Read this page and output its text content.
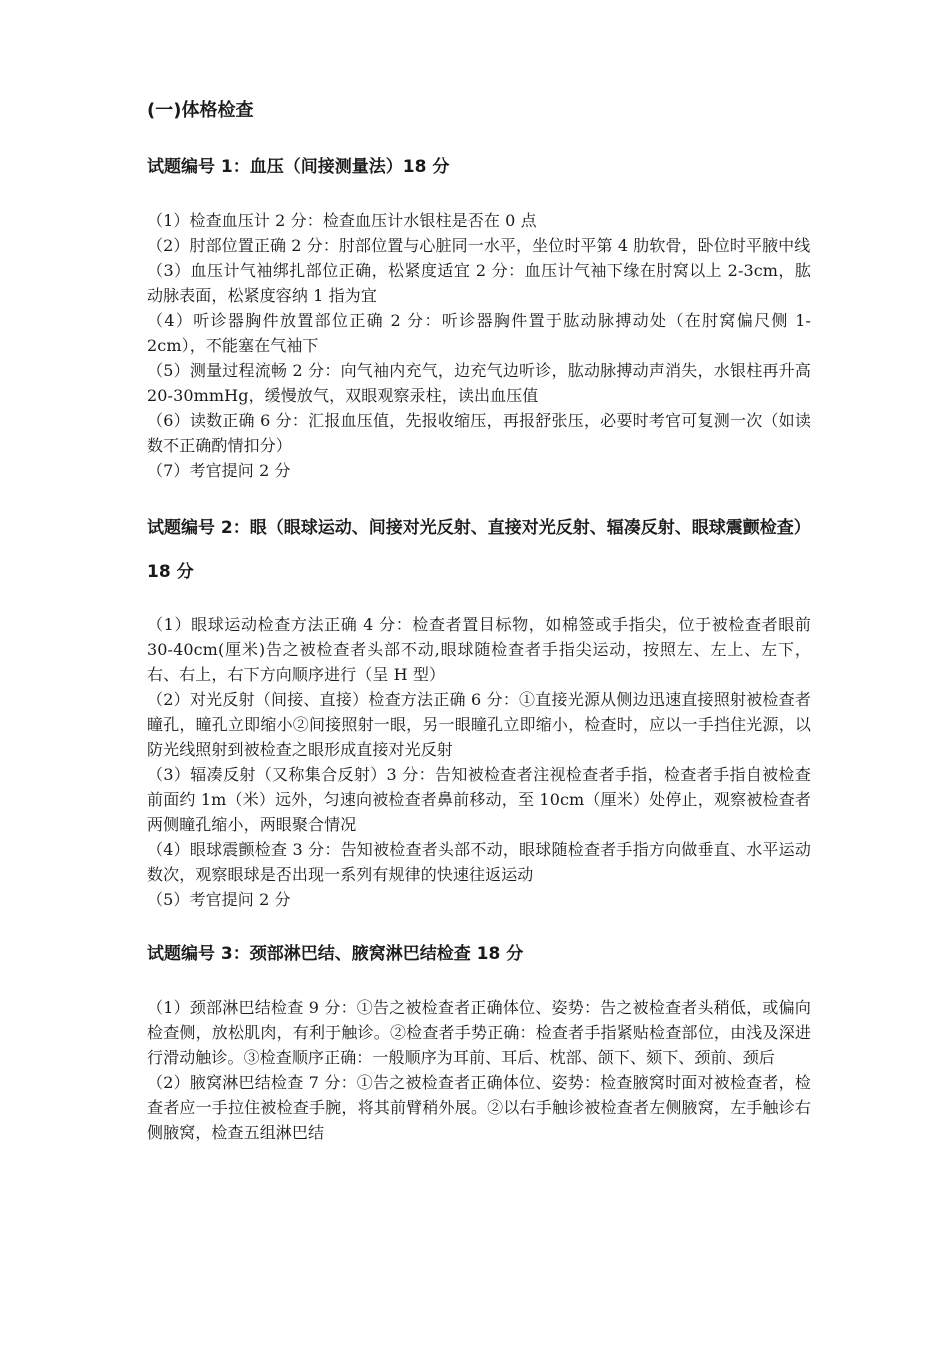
(一)体格检查
试题编号 1：血压（间接测量法）18 分
（1）检查血压计 2 分：检查血压计水银柱是否在 0 点
（2）肘部位置正确 2 分：肘部位置与心脏同一水平，坐位时平第 4 肋软骨，卧位时平腋中线
（3）血压计气袖绑扎部位正确，松紧度适宜 2 分：血压计气袖下缘在肘窝以上 2-3cm，肱动脉表面，松紧度容纳 1 指为宜
（4）听诊器胸件放置部位正确 2 分：听诊器胸件置于肱动脉搏动处（在肘窝偏尺侧 1-2cm），不能塞在气袖下
（5）测量过程流畅 2 分：向气袖内充气，边充气边听诊，肱动脉搏动声消失，水银柱再升高 20-30mmHg，缓慢放气，双眼观察汞柱，读出血压值
（6）读数正确 6 分：汇报血压值，先报收缩压，再报舒张压，必要时考官可复测一次（如读数不正确酌情扣分）
（7）考官提问 2 分
试题编号 2：眼（眼球运动、间接对光反射、直接对光反射、辐凑反射、眼球震颤检查）18 分
（1）眼球运动检查方法正确 4 分：检查者置目标物，如棉签或手指尖，位于被检查者眼前 30-40cm(厘米)告之被检查者头部不动,眼球随检查者手指尖运动，按照左、左上、左下，右、右上，右下方向顺序进行（呈 H 型）
（2）对光反射（间接、直接）检查方法正确 6 分：①直接光源从侧边迅速直接照射被检查者瞳孔，瞳孔立即缩小②间接照射一眼，另一眼瞳孔立即缩小，检查时，应以一手挡住光源，以防光线照射到被检查之眼形成直接对光反射
（3）辐凑反射（又称集合反射）3 分：告知被检查者注视检查者手指，检查者手指自被检查前面约 1m（米）远外，匀速向被检查者鼻前移动，至 10cm（厘米）处停止，观察被检查者两侧瞳孔缩小，两眼聚合情况
（4）眼球震颤检查 3 分：告知被检查者头部不动，眼球随检查者手指方向做垂直、水平运动数次，观察眼球是否出现一系列有规律的快速往返运动
（5）考官提问 2 分
试题编号 3：颈部淋巴结、腋窝淋巴结检查 18 分
（1）颈部淋巴结检查 9 分：①告之被检查者正确体位、姿势：告之被检查者头稍低，或偏向检查侧，放松肌肉，有利于触诊。②检查者手势正确：检查者手指紧贴检查部位，由浅及深进行滑动触诊。③检查顺序正确：一般顺序为耳前、耳后、枕部、颌下、颏下、颈前、颈后
（2）腋窝淋巴结检查 7 分：①告之被检查者正确体位、姿势：检查腋窝时面对被检查者，检查者应一手拉住被检查手腕，将其前臂稍外展。②以右手触诊被检查者左侧腋窝，左手触诊右侧腋窝，检查五组淋巴结
